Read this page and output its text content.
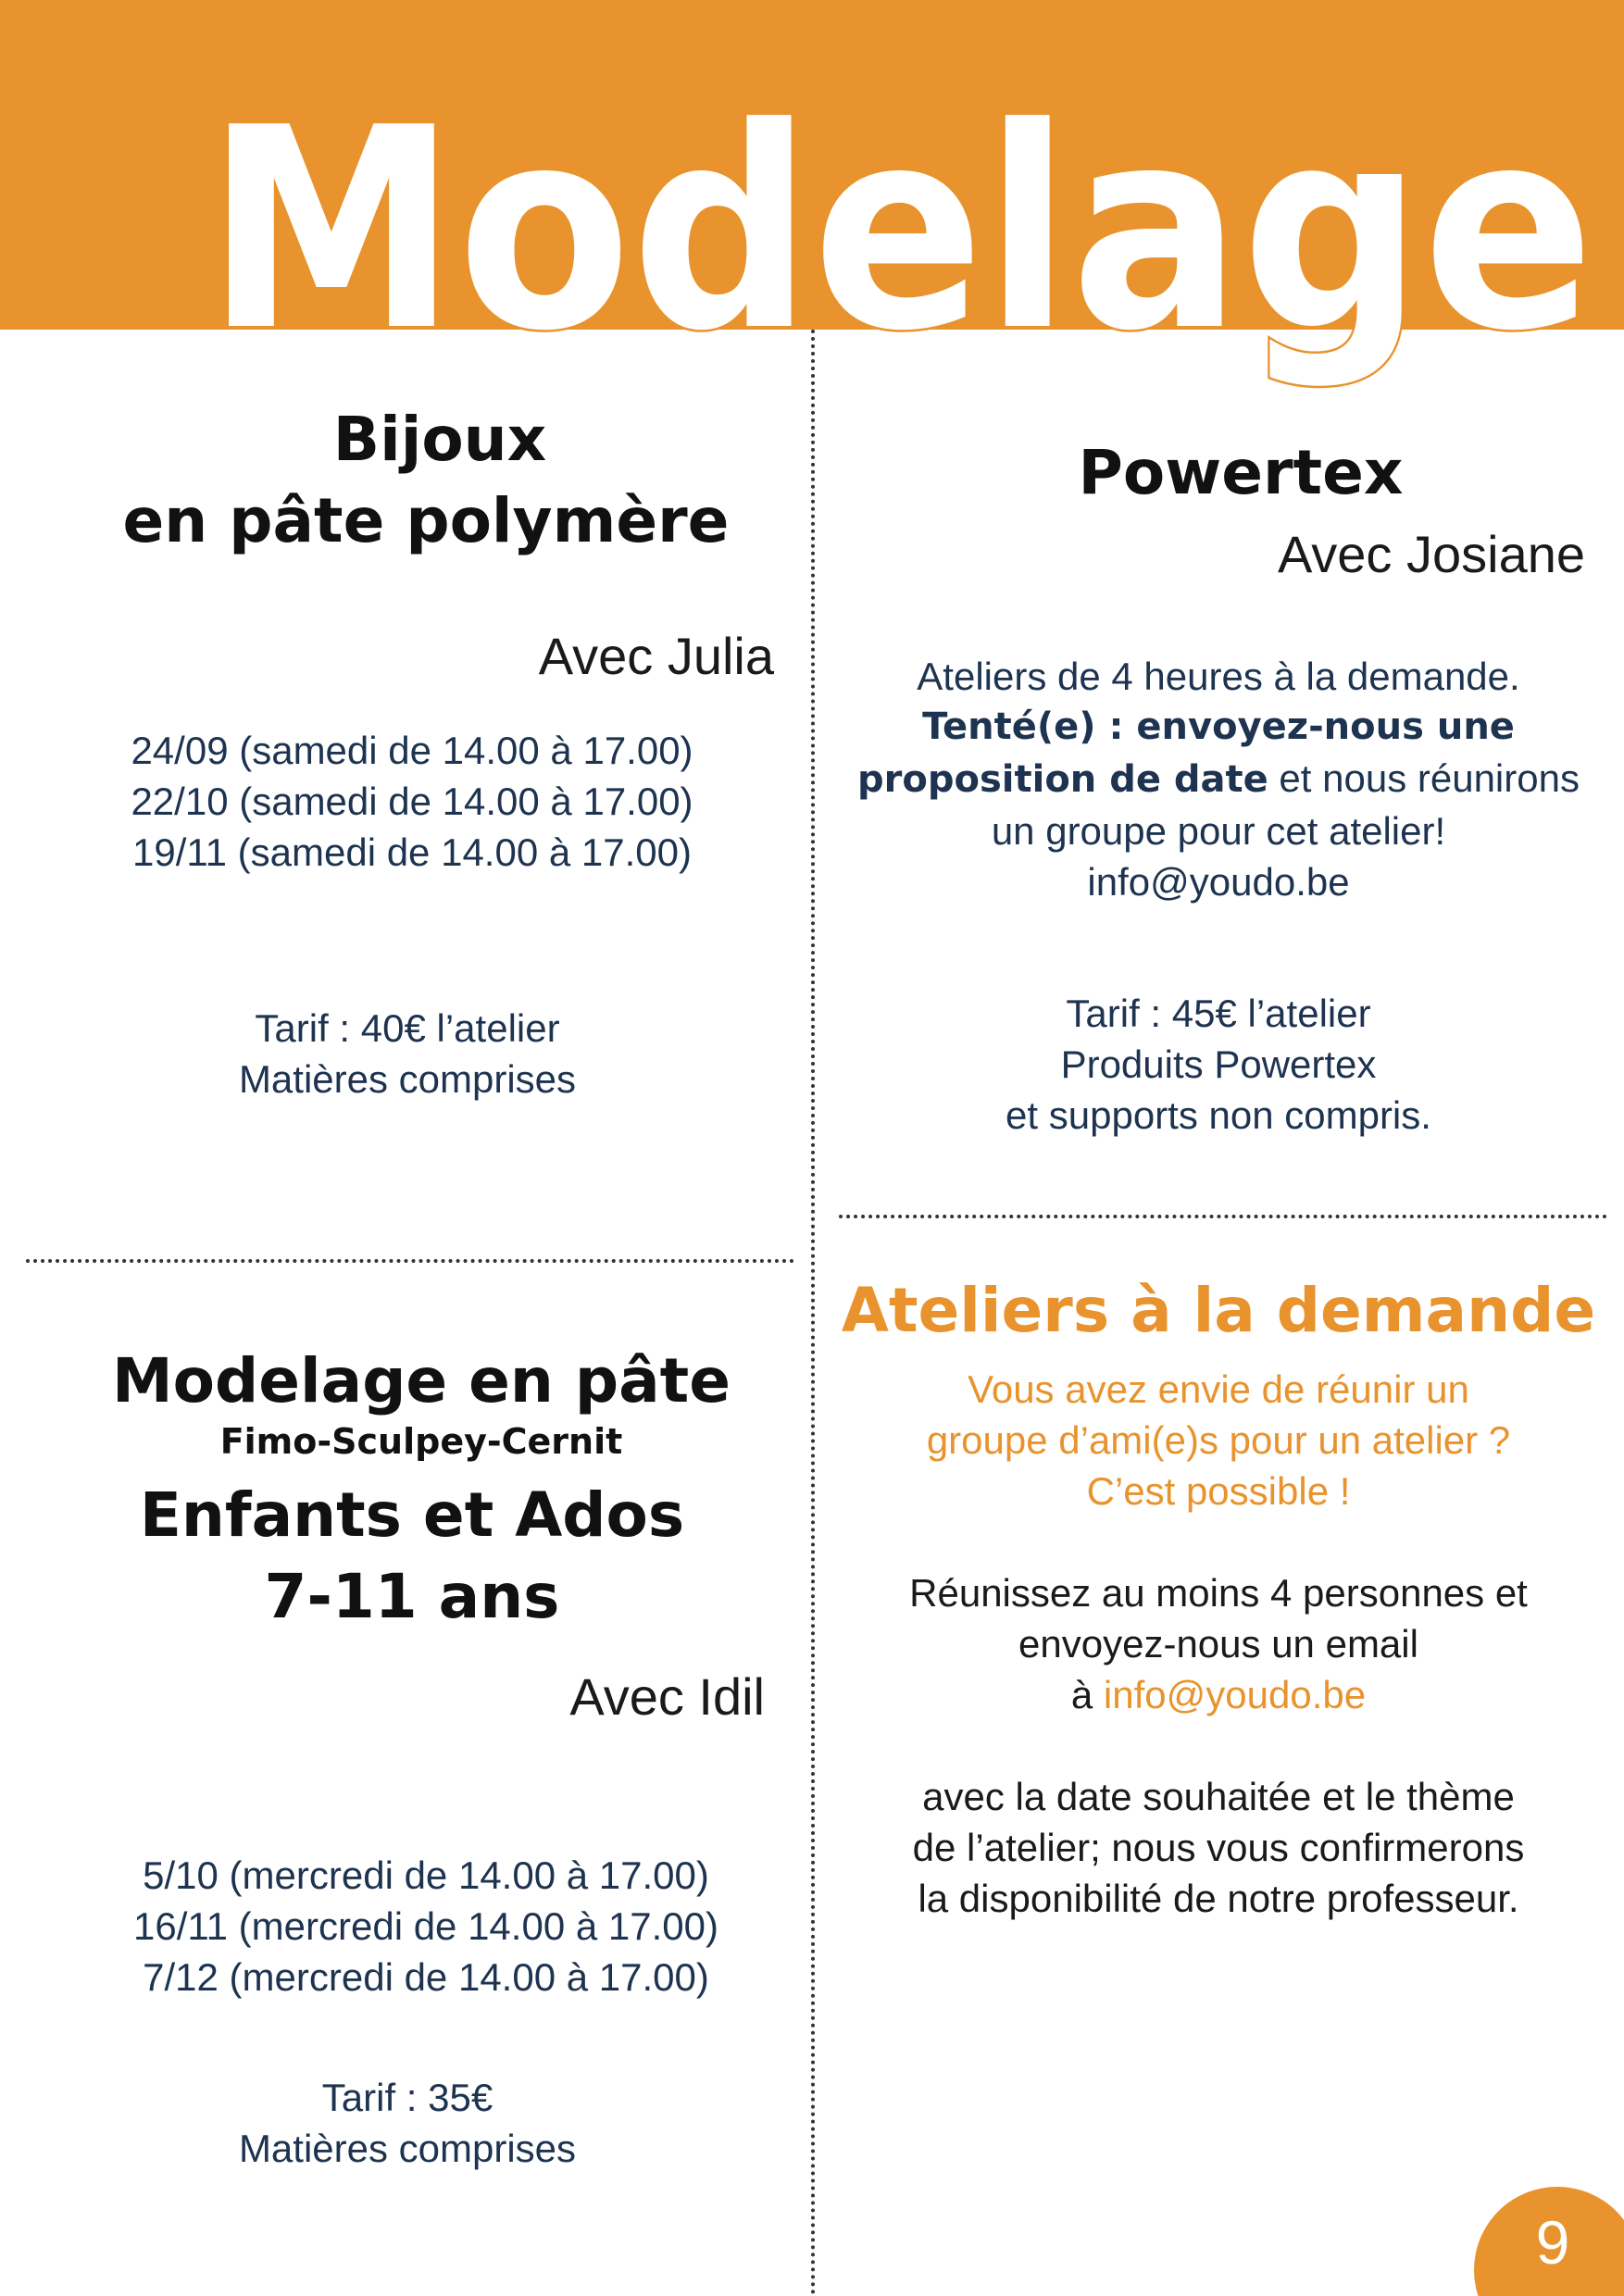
Modelage
Bijoux
en pâte polymère
Avec Julia
24/09 (samedi de 14.00 à 17.00)
22/10 (samedi de 14.00 à 17.00)
19/11 (samedi de 14.00 à 17.00)
Tarif : 40€ l’atelier
Matières comprises
Powertex
Avec Josiane
Ateliers de 4 heures à la demande.
Tenté(e) : envoyez-nous une
proposition de date et nous réunirons
un groupe pour cet atelier!
info@youdo.be
Tarif : 45€ l’atelier
Produits Powertex
et supports non compris.
Modelage en pâte
Fimo-Sculpey-Cernit
Enfants et Ados
7-11 ans
Avec Idil
5/10 (mercredi de 14.00 à 17.00)
16/11 (mercredi de 14.00 à 17.00)
7/12 (mercredi de 14.00 à 17.00)
Tarif : 35€
Matières comprises
Ateliers à la demande
Vous avez envie de réunir un
groupe d’ami(e)s pour un atelier ?
C’est possible !
Réunissez au moins 4 personnes et
envoyez-nous un email
à info@youdo.be
avec la date souhaitée et le thème
de l’atelier; nous vous confirmerons
la disponibilité de notre professeur.
9
